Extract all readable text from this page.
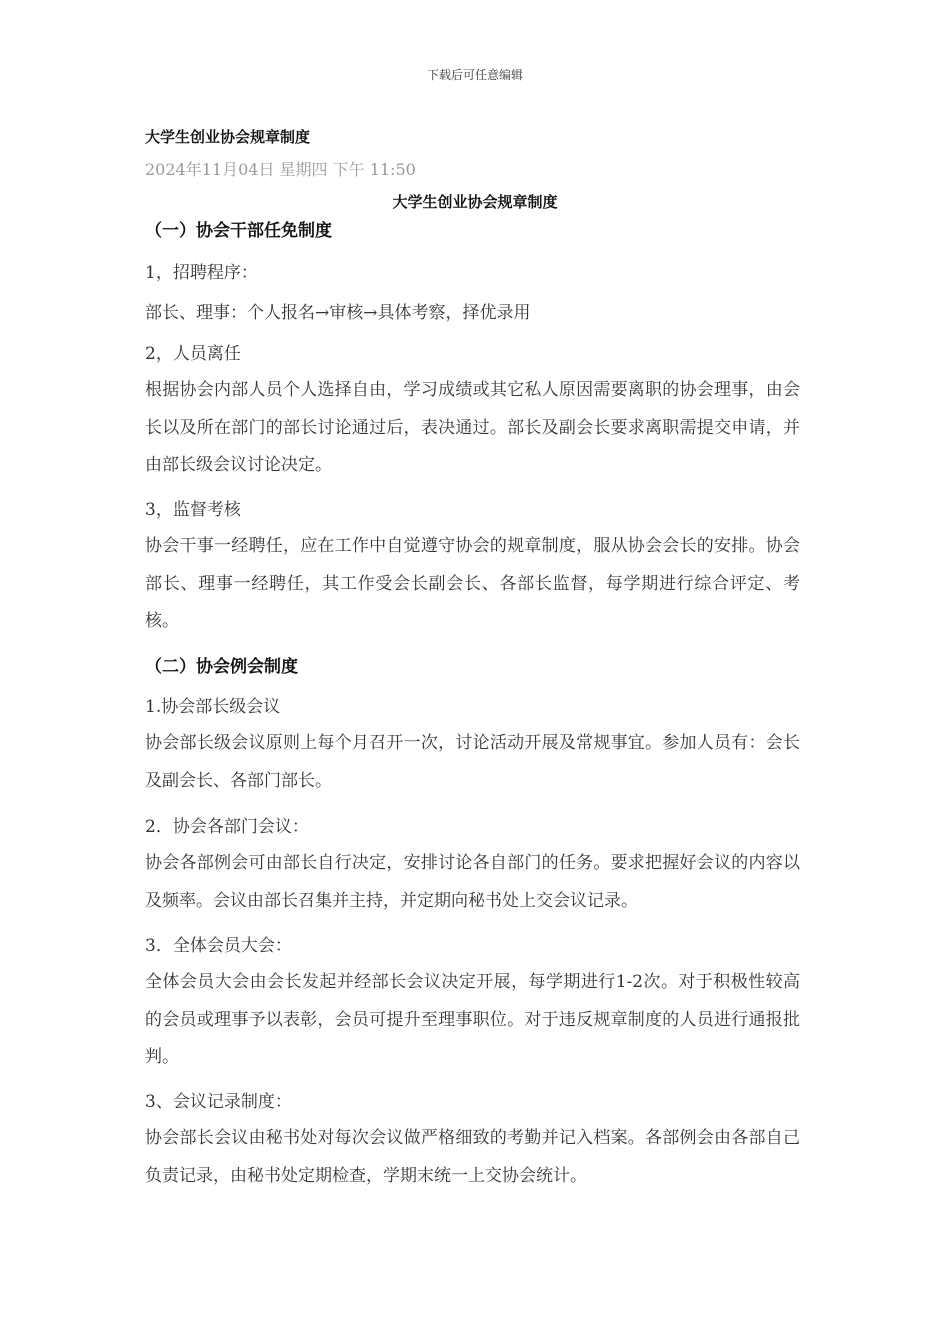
下载后可任意编辑
大学生创业协会规章制度
2024年11月04日 星期四 下午 11:50
大学生创业协会规章制度
（一）协会干部任免制度
1，招聘程序：
部长、理事：个人报名→审核→具体考察，择优录用
2，人员离任
根据协会内部人员个人选择自由，学习成绩或其它私人原因需要离职的协会理事，由会长以及所在部门的部长讨论通过后，表决通过。部长及副会长要求离职需提交申请，并由部长级会议讨论决定。
3，监督考核
协会干事一经聘任，应在工作中自觉遵守协会的规章制度，服从协会会长的安排。协会部长、理事一经聘任，其工作受会长副会长、各部长监督，每学期进行综合评定、考核。
（二）协会例会制度
1.协会部长级会议
协会部长级会议原则上每个月召开一次，讨论活动开展及常规事宜。参加人员有：会长及副会长、各部门部长。
2．协会各部门会议：
协会各部例会可由部长自行决定，安排讨论各自部门的任务。要求把握好会议的内容以及频率。会议由部长召集并主持，并定期向秘书处上交会议记录。
3．全体会员大会：
全体会员大会由会长发起并经部长会议决定开展，每学期进行1-2次。对于积极性较高的会员或理事予以表彰，会员可提升至理事职位。对于违反规章制度的人员进行通报批判。
3、会议记录制度：
协会部长会议由秘书处对每次会议做严格细致的考勤并记入档案。各部例会由各部自己负责记录，由秘书处定期检查，学期末统一上交协会统计。
